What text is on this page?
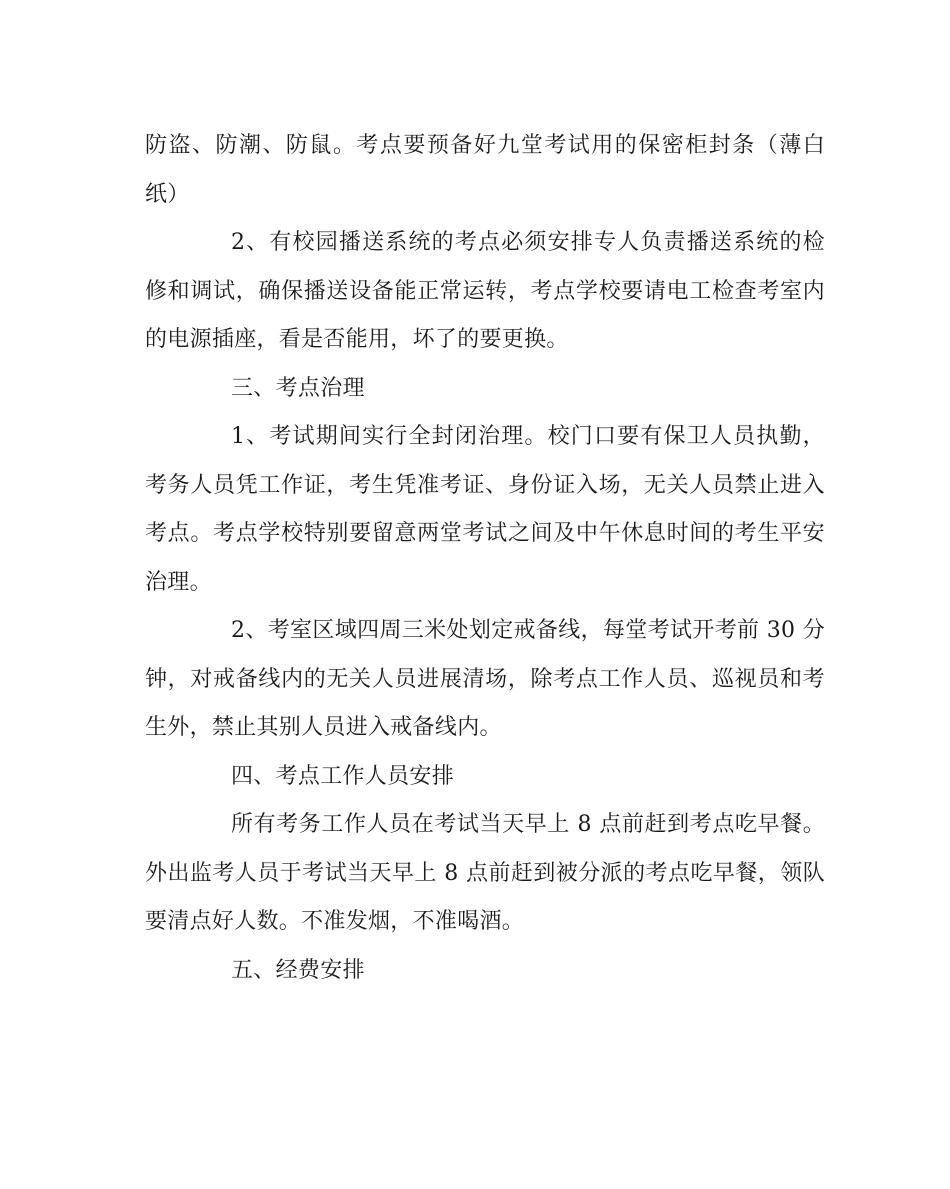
防盗、防潮、防鼠。考点要预备好九堂考试用的保密柜封条（薄白纸）

2、有校园播送系统的考点必须安排专人负责播送系统的检修和调试，确保播送设备能正常运转，考点学校要请电工检查考室内的电源插座，看是否能用，坏了的要更换。

三、考点治理

1、考试期间实行全封闭治理。校门口要有保卫人员执勤，考务人员凭工作证，考生凭准考证、身份证入场，无关人员禁止进入考点。考点学校特别要留意两堂考试之间及中午休息时间的考生平安治理。

2、考室区域四周三米处划定戒备线，每堂考试开考前 30 分钟，对戒备线内的无关人员进展清场，除考点工作人员、巡视员和考生外，禁止其别人员进入戒备线内。

四、考点工作人员安排

所有考务工作人员在考试当天早上 8 点前赶到考点吃早餐。外出监考人员于考试当天早上 8 点前赶到被分派的考点吃早餐，领队要清点好人数。不准发烟，不准喝酒。

五、经费安排
